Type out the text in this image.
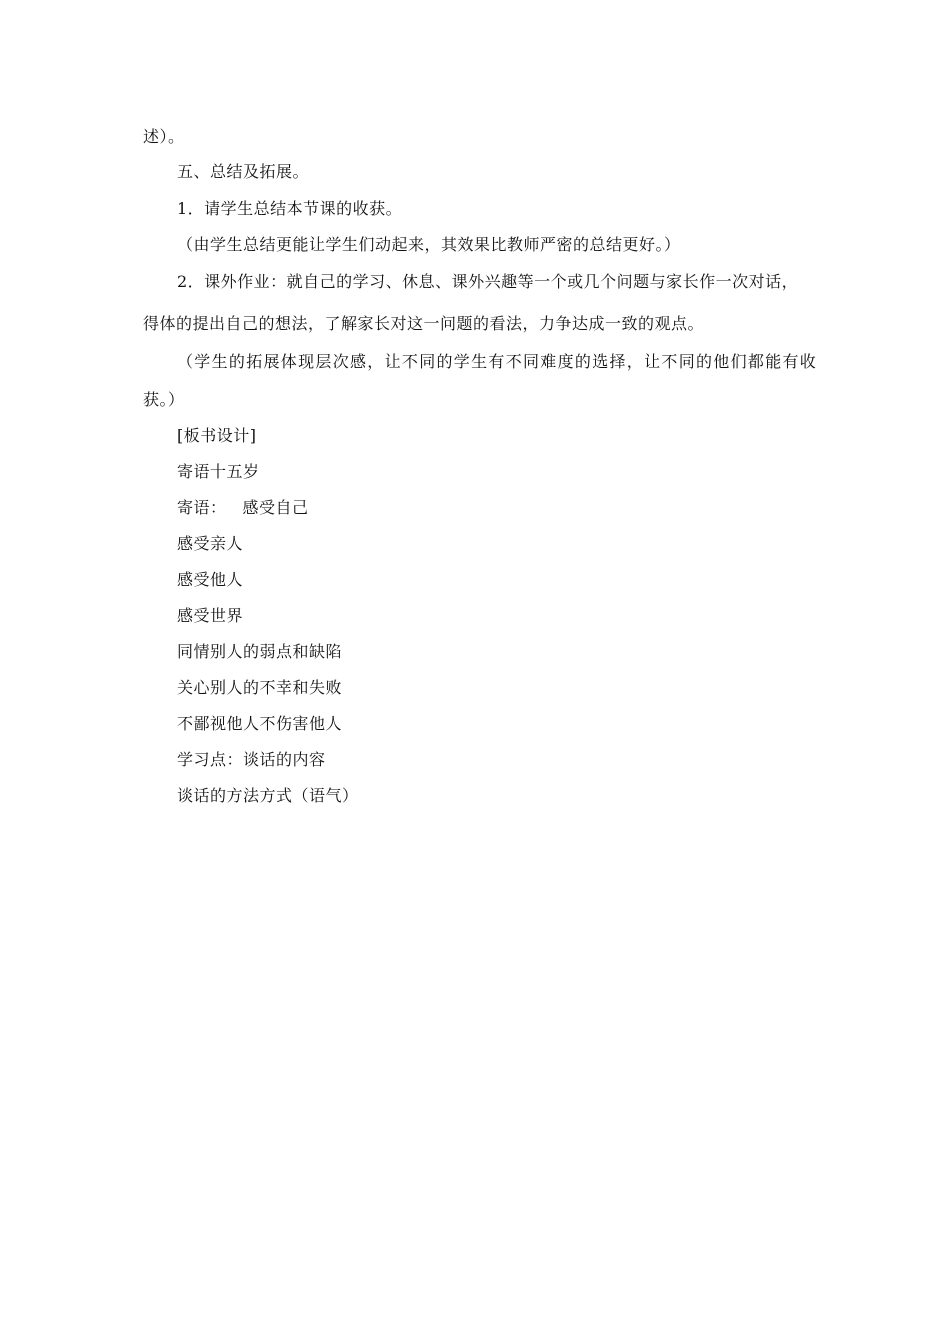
述）。
五、总结及拓展。
1．请学生总结本节课的收获。
（由学生总结更能让学生们动起来，其效果比教师严密的总结更好。）
2．课外作业：就自己的学习、休息、课外兴趣等一个或几个问题与家长作一次对话，
得体的提出自己的想法，了解家长对这一问题的看法，力争达成一致的观点。
（学生的拓展体现层次感，让不同的学生有不同难度的选择，让不同的他们都能有收
获。）
[板书设计]
寄语十五岁
寄语： 感受自己
感受亲人
感受他人
感受世界
同情别人的弱点和缺陷
关心别人的不幸和失败
不鄙视他人不伤害他人
学习点：谈话的内容
谈话的方法方式（语气）
